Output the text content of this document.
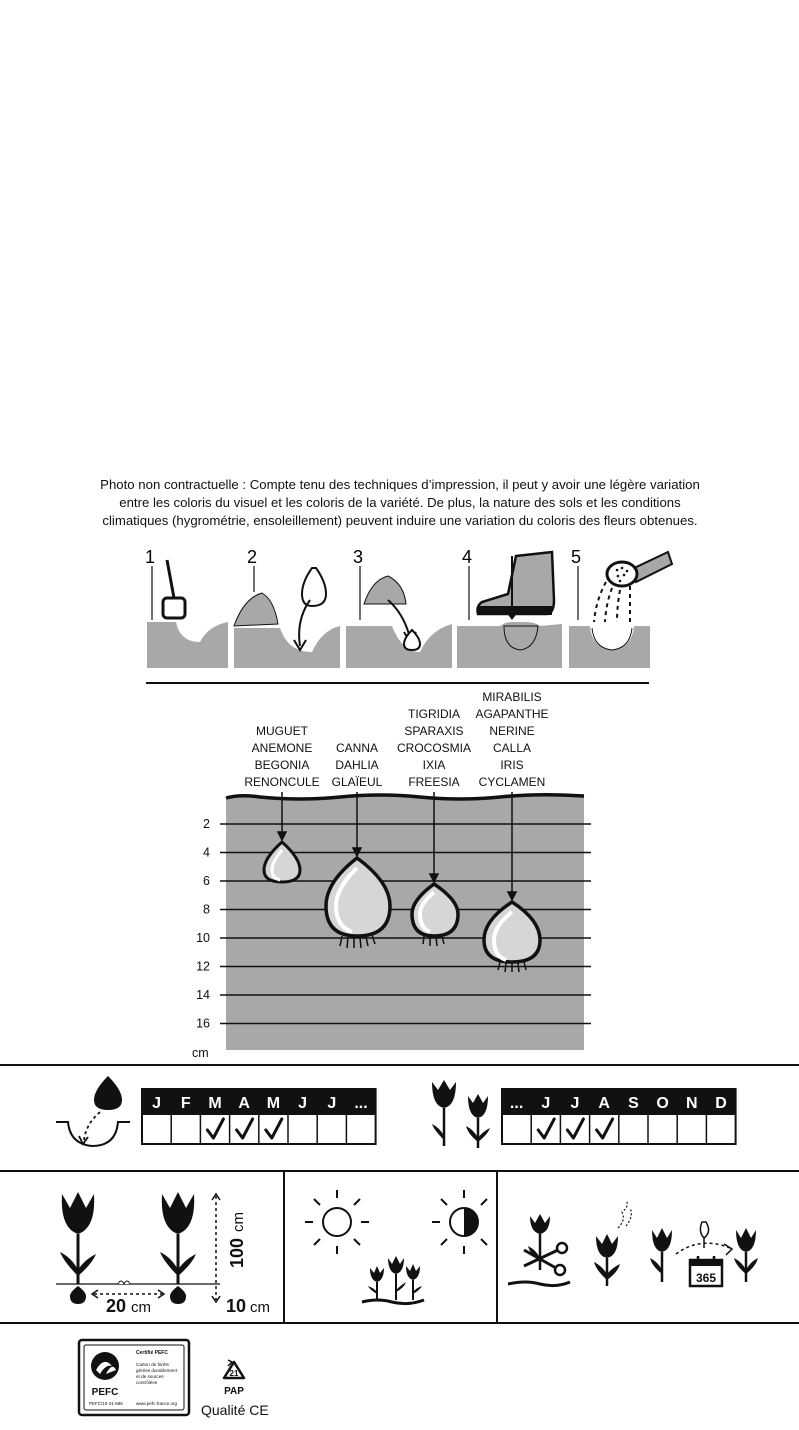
Photo non contractuelle : Compte tenu des techniques d’impression, il peut y avoir une légère variation
entre les coloris du visuel et les coloris de la variété. De plus, la nature des sols et les conditions
climatiques (hygrométrie, ensoleillement) peuvent induire une variation du coloris des fleurs obtenues.
1	2	3	4	5
2
4
6
8
10
12
14
16
cm
MUGUET
ANEMONE
BEGONIA
RENONCULE
CANNA
DAHLIA
GLAÏEUL
TIGRIDIA
SPARAXIS
CROCOSMIA
IXIA
FREESIA
MIRABILIS
AGAPANTHE
NERINE
CALLA
IRIS
CYCLAMEN
J F M A M J J ...	... J J A S O N D
20 cm
100
cm
10 cm
365
PEFC
Certifié PEFC
Carton de forêts
gérées durablement
et de sources
contrôlées
PEFC/10-31-596	www.pefc-france.org
21
PAP
Qualité CE
